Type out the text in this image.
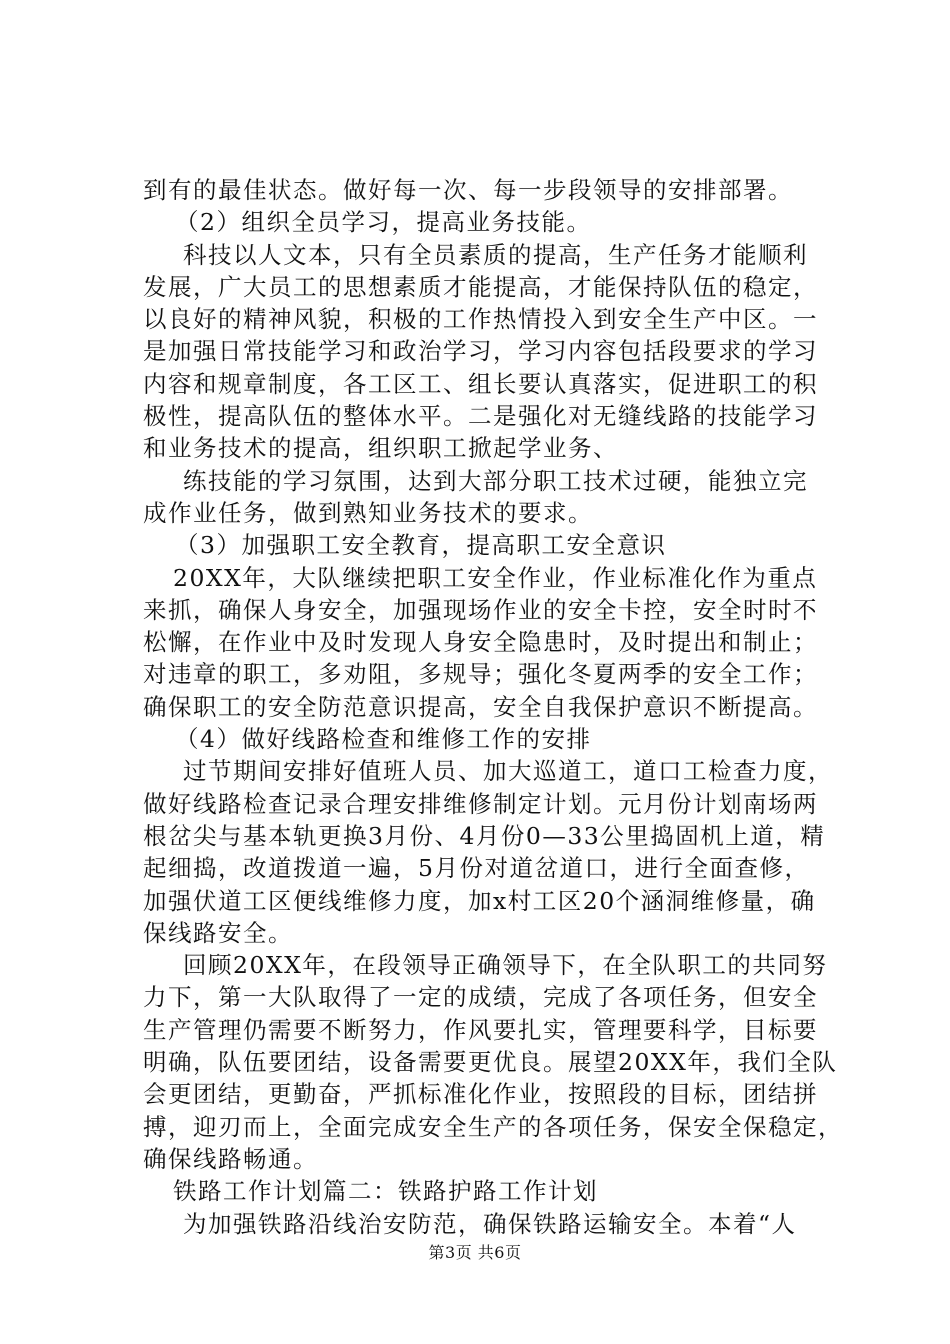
到有的最佳状态。做好每一次、每一步段领导的安排部署。
（2）组织全员学习，提高业务技能。
科技以人文本，只有全员素质的提高，生产任务才能顺利
发展，广大员工的思想素质才能提高，才能保持队伍的稳定，
以良好的精神风貌，积极的工作热情投入到安全生产中区。一
是加强日常技能学习和政治学习，学习内容包括段要求的学习
内容和规章制度，各工区工、组长要认真落实，促进职工的积
极性，提高队伍的整体水平。二是强化对无缝线路的技能学习
和业务技术的提高，组织职工掀起学业务、
练技能的学习氛围，达到大部分职工技术过硬，能独立完
成作业任务，做到熟知业务技术的要求。
（3）加强职工安全教育，提高职工安全意识
20XX年，大队继续把职工安全作业，作业标准化作为重点
来抓，确保人身安全，加强现场作业的安全卡控，安全时时不
松懈，在作业中及时发现人身安全隐患时，及时提出和制止；
对违章的职工，多劝阻，多规导；强化冬夏两季的安全工作；
确保职工的安全防范意识提高，安全自我保护意识不断提高。
（4）做好线路检查和维修工作的安排
过节期间安排好值班人员、加大巡道工，道口工检查力度，
做好线路检查记录合理安排维修制定计划。元月份计划南场两
根岔尖与基本轨更换3月份、4月份0—33公里捣固机上道，精
起细捣，改道拨道一遍，5月份对道岔道口，进行全面查修，
加强伏道工区便线维修力度，加x村工区20个涵洞维修量，确
保线路安全。
回顾20XX年，在段领导正确领导下，在全队职工的共同努
力下，第一大队取得了一定的成绩，完成了各项任务，但安全
生产管理仍需要不断努力，作风要扎实，管理要科学，目标要
明确，队伍要团结，设备需要更优良。展望20XX年，我们全队
会更团结，更勤奋，严抓标准化作业，按照段的目标，团结拼
搏，迎刃而上，全面完成安全生产的各项任务，保安全保稳定，
确保线路畅通。
铁路工作计划篇二：铁路护路工作计划
为加强铁路沿线治安防范，确保铁路运输安全。本着“人
第3页 共6页
